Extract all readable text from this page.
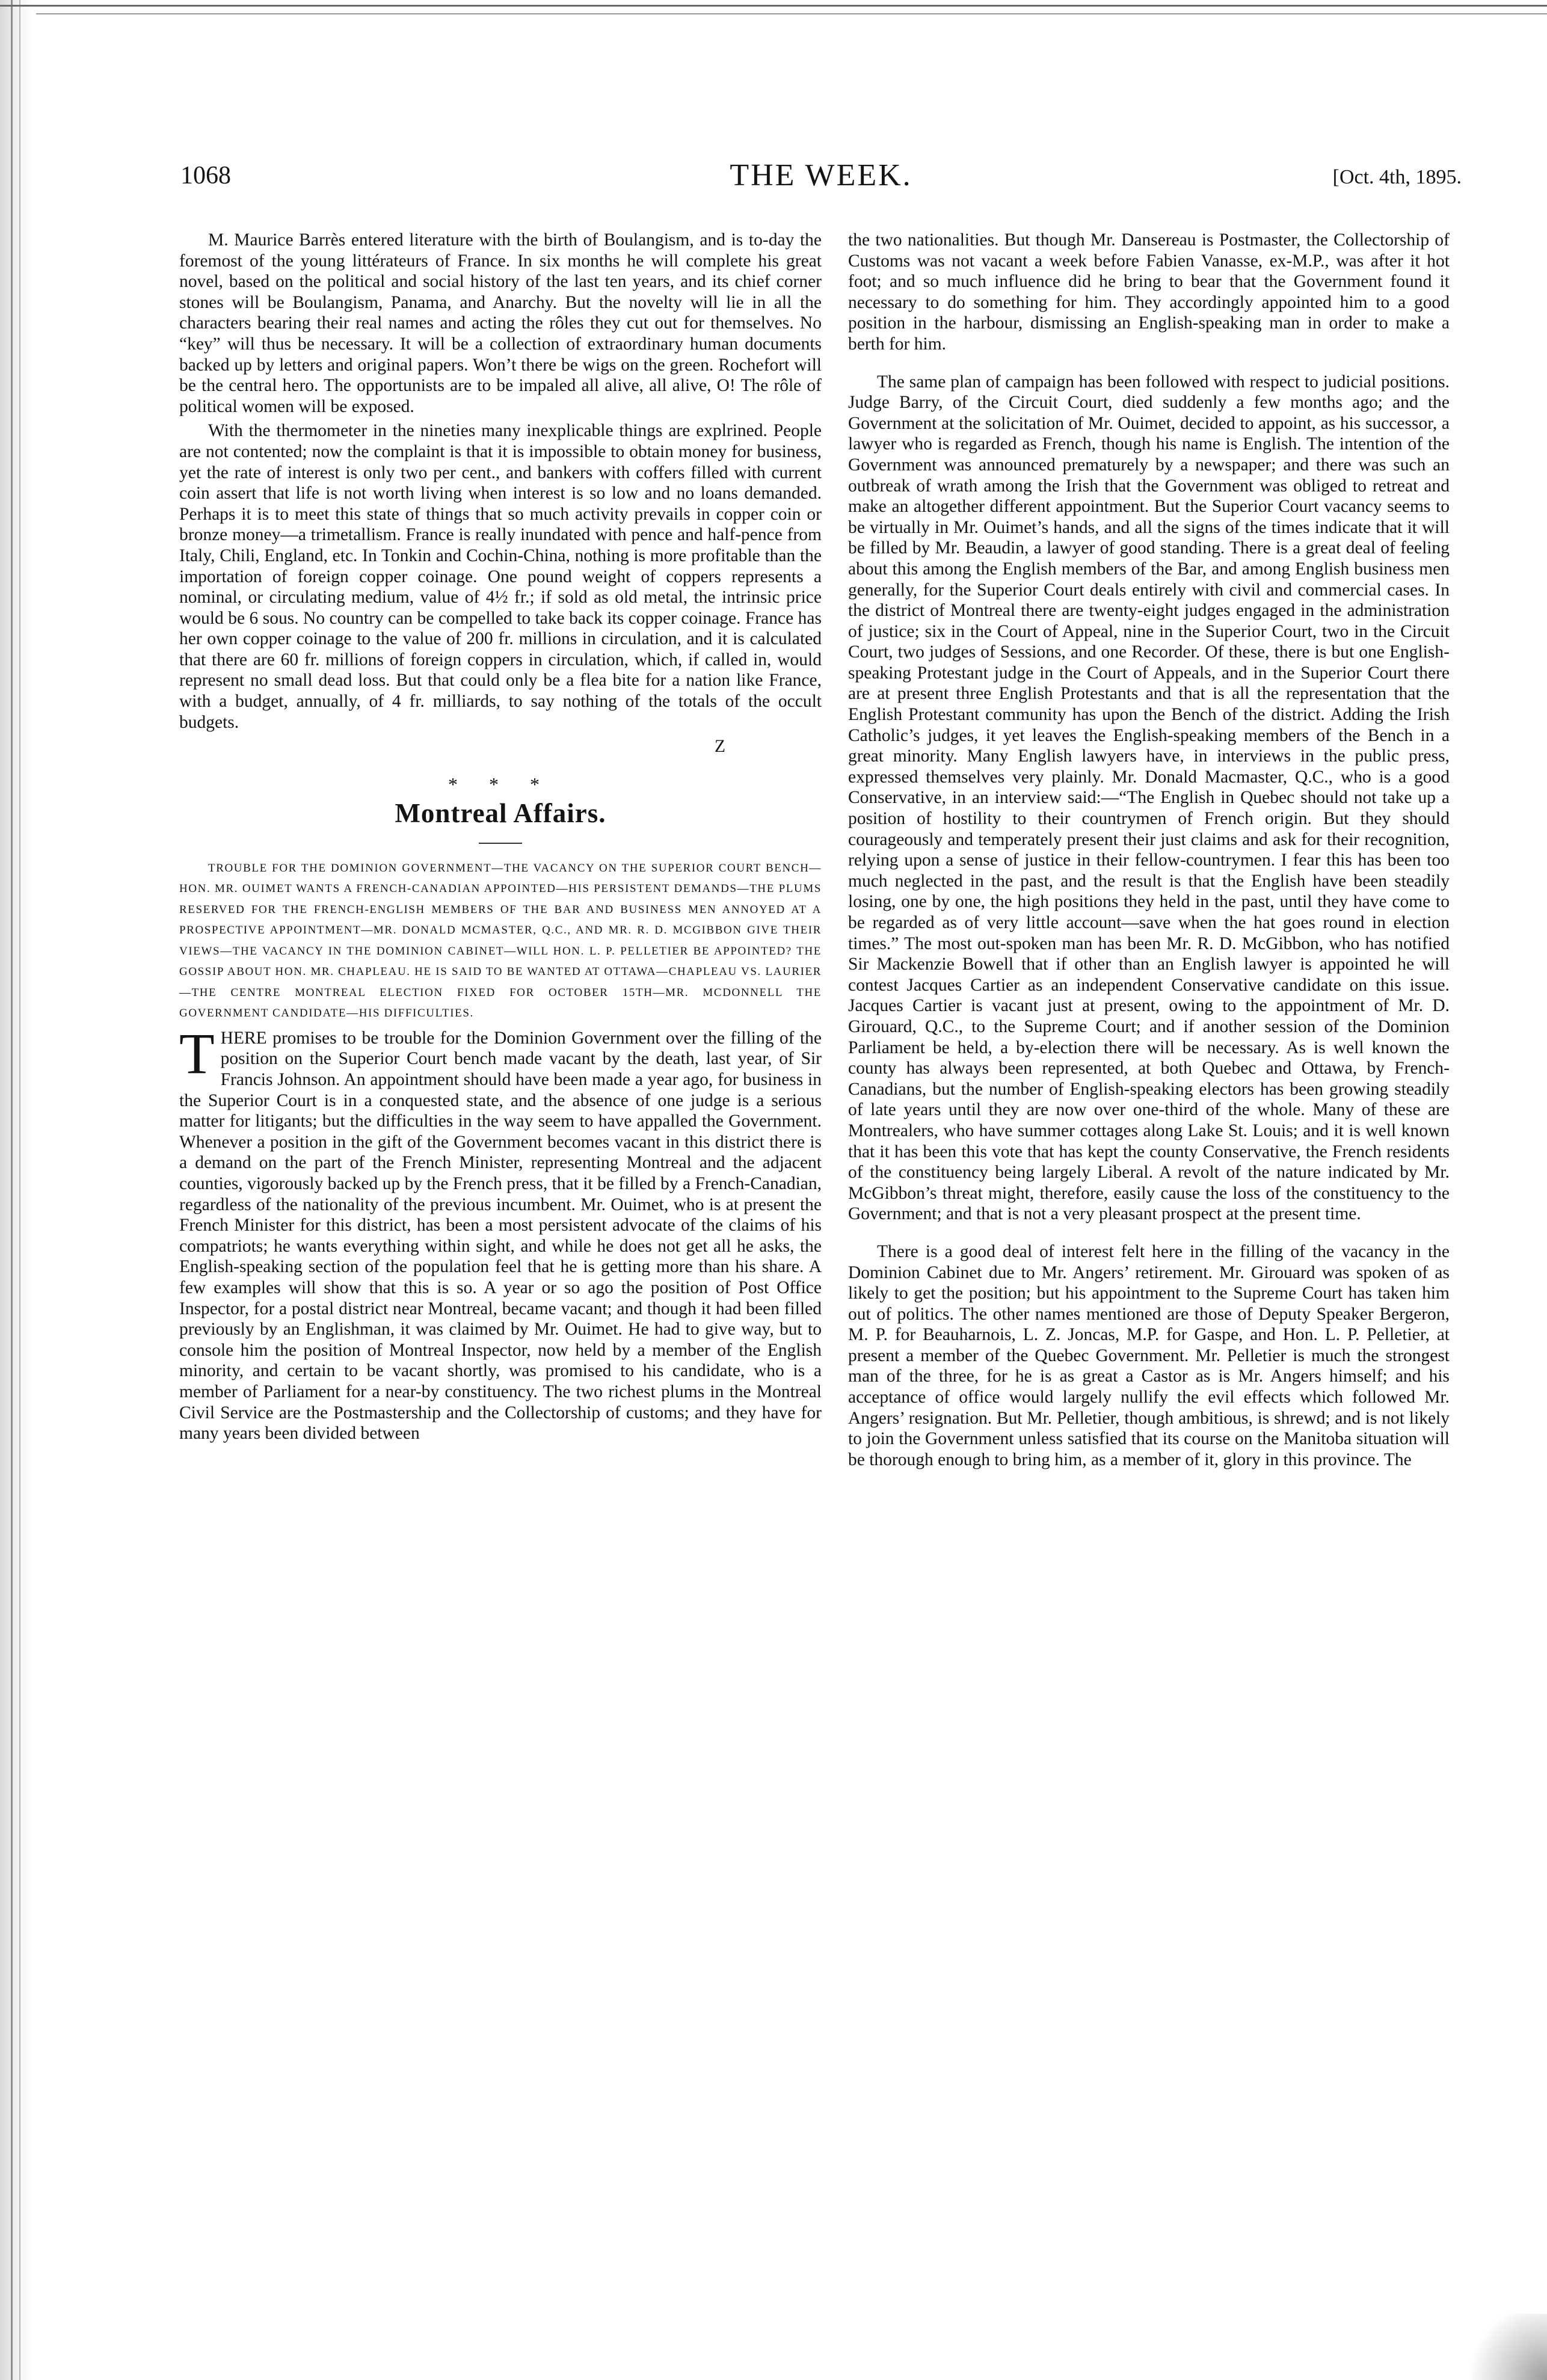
1068	THE WEEK.	[Oct. 4th, 1895.

M. Maurice Barrès entered literature with the birth of Boulangism, and is to-day the foremost of the young littérateurs of France. In six months he will complete his great novel, based on the political and social history of the last ten years, and its chief corner stones will be Boulangism, Panama, and Anarchy. But the novelty will lie in all the characters bearing their real names and acting the rôles they cut out for themselves. No “key” will thus be necessary. It will be a collection of extraordinary human documents backed up by letters and original papers. Won’t there be wigs on the green. Rochefort will be the central hero. The opportunists are to be impaled all alive, all alive, O! The rôle of political women will be exposed.

With the thermometer in the nineties many inexplicable things are explrined. People are not contented; now the complaint is that it is impossible to obtain money for business, yet the rate of interest is only two per cent., and bankers with coffers filled with current coin assert that life is not worth living when interest is so low and no loans demanded. Perhaps it is to meet this state of things that so much activity prevails in copper coin or bronze money—a trimetallism. France is really inundated with pence and half-pence from Italy, Chili, England, etc. In Tonkin and Cochin-China, nothing is more profitable than the importation of foreign copper coinage. One pound weight of coppers represents a nominal, or circulating medium, value of 4½ fr.; if sold as old metal, the intrinsic price would be 6 sous. No country can be compelled to take back its copper coinage. France has her own copper coinage to the value of 200 fr. millions in circulation, and it is calculated that there are 60 fr. millions of foreign coppers in circulation, which, if called in, would represent no small dead loss. But that could only be a flea bite for a nation like France, with a budget, annually, of 4 fr. milliards, to say nothing of the totals of the occult budgets.

Z

* * *
Montreal Affairs.

TROUBLE FOR THE DOMINION GOVERNMENT—THE VACANCY ON THE SUPERIOR COURT BENCH—HON. MR. OUIMET WANTS A FRENCH-CANADIAN APPOINTED—HIS PERSISTENT DEMANDS—THE PLUMS RESERVED FOR THE FRENCH-ENGLISH MEMBERS OF THE BAR AND BUSINESS MEN ANNOYED AT A PROSPECTIVE APPOINTMENT—MR. DONALD MCMASTER, Q.C., AND MR. R. D. MCGIBBON GIVE THEIR VIEWS—THE VACANCY IN THE DOMINION CABINET—WILL HON. L. P. PELLETIER BE APPOINTED? THE GOSSIP ABOUT HON. MR. CHAPLEAU. HE IS SAID TO BE WANTED AT OTTAWA—CHAPLEAU VS. LAURIER—THE CENTRE MONTREAL ELECTION FIXED FOR OCTOBER 15TH—MR. MCDONNELL THE GOVERNMENT CANDIDATE—HIS DIFFICULTIES.

THERE promises to be trouble for the Dominion Government over the filling of the position on the Superior Court bench made vacant by the death, last year, of Sir Francis Johnson. An appointment should have been made a year ago, for business in the Superior Court is in a conquested state, and the absence of one judge is a serious matter for litigants; but the difficulties in the way seem to have appalled the Government. Whenever a position in the gift of the Government becomes vacant in this district there is a demand on the part of the French Minister, representing Montreal and the adjacent counties, vigorously backed up by the French press, that it be filled by a French-Canadian, regardless of the nationality of the previous incumbent. Mr. Ouimet, who is at present the French Minister for this district, has been a most persistent advocate of the claims of his compatriots; he wants everything within sight, and while he does not get all he asks, the English-speaking section of the population feel that he is getting more than his share. A few examples will show that this is so. A year or so ago the position of Post Office Inspector, for a postal district near Montreal, became vacant; and though it had been filled previously by an Englishman, it was claimed by Mr. Ouimet. He had to give way, but to console him the position of Montreal Inspector, now held by a member of the English minority, and certain to be vacant shortly, was promised to his candidate, who is a member of Parliament for a near-by constituency. The two richest plums in the Montreal Civil Service are the Postmastership and the Collectorship of customs; and they have for many years been divided between

the two nationalities. But though Mr. Dansereau is Postmaster, the Collectorship of Customs was not vacant a week before Fabien Vanasse, ex-M.P., was after it hot foot; and so much influence did he bring to bear that the Government found it necessary to do something for him. They accordingly appointed him to a good position in the harbour, dismissing an English-speaking man in order to make a berth for him.

The same plan of campaign has been followed with respect to judicial positions. Judge Barry, of the Circuit Court, died suddenly a few months ago; and the Government at the solicitation of Mr. Ouimet, decided to appoint, as his successor, a lawyer who is regarded as French, though his name is English. The intention of the Government was announced prematurely by a newspaper; and there was such an outbreak of wrath among the Irish that the Government was obliged to retreat and make an altogether different appointment. But the Superior Court vacancy seems to be virtually in Mr. Ouimet’s hands, and all the signs of the times indicate that it will be filled by Mr. Beaudin, a lawyer of good standing. There is a great deal of feeling about this among the English members of the Bar, and among English business men generally, for the Superior Court deals entirely with civil and commercial cases. In the district of Montreal there are twenty-eight judges engaged in the administration of justice; six in the Court of Appeal, nine in the Superior Court, two in the Circuit Court, two judges of Sessions, and one Recorder. Of these, there is but one English-speaking Protestant judge in the Court of Appeals, and in the Superior Court there are at present three English Protestants and that is all the representation that the English Protestant community has upon the Bench of the district. Adding the Irish Catholic’s judges, it yet leaves the English-speaking members of the Bench in a great minority. Many English lawyers have, in interviews in the public press, expressed themselves very plainly. Mr. Donald Macmaster, Q.C., who is a good Conservative, in an interview said:—“The English in Quebec should not take up a position of hostility to their countrymen of French origin. But they should courageously and temperately present their just claims and ask for their recognition, relying upon a sense of justice in their fellow-countrymen. I fear this has been too much neglected in the past, and the result is that the English have been steadily losing, one by one, the high positions they held in the past, until they have come to be regarded as of very little account—save when the hat goes round in election times.” The most out-spoken man has been Mr. R. D. McGibbon, who has notified Sir Mackenzie Bowell that if other than an English lawyer is appointed he will contest Jacques Cartier as an independent Conservative candidate on this issue. Jacques Cartier is vacant just at present, owing to the appointment of Mr. D. Girouard, Q.C., to the Supreme Court; and if another session of the Dominion Parliament be held, a by-election there will be necessary. As is well known the county has always been represented, at both Quebec and Ottawa, by French-Canadians, but the number of English-speaking electors has been growing steadily of late years until they are now over one-third of the whole. Many of these are Montrealers, who have summer cottages along Lake St. Louis; and it is well known that it has been this vote that has kept the county Conservative, the French residents of the constituency being largely Liberal. A revolt of the nature indicated by Mr. McGibbon’s threat might, therefore, easily cause the loss of the constituency to the Government; and that is not a very pleasant prospect at the present time.

There is a good deal of interest felt here in the filling of the vacancy in the Dominion Cabinet due to Mr. Angers’ retirement. Mr. Girouard was spoken of as likely to get the position; but his appointment to the Supreme Court has taken him out of politics. The other names mentioned are those of Deputy Speaker Bergeron, M. P. for Beauharnois, L. Z. Joncas, M.P. for Gaspe, and Hon. L. P. Pelletier, at present a member of the Quebec Government. Mr. Pelletier is much the strongest man of the three, for he is as great a Castor as is Mr. Angers himself; and his acceptance of office would largely nullify the evil effects which followed Mr. Angers’ resignation. But Mr. Pelletier, though ambitious, is shrewd; and is not likely to join the Government unless satisfied that its course on the Manitoba situation will be thorough enough to bring him, as a member of it, glory in this province. The
